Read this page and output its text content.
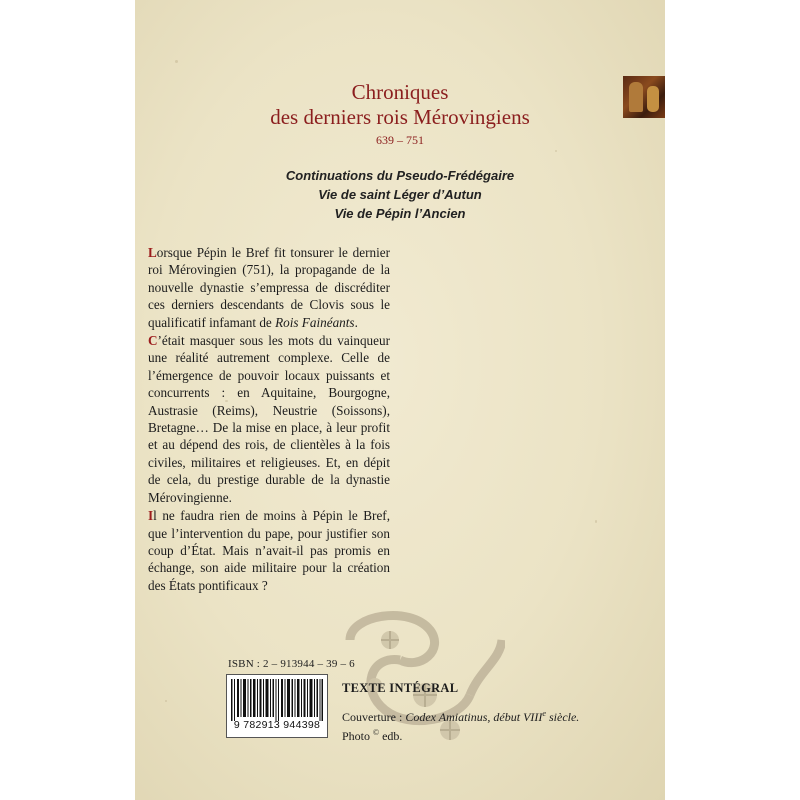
Chroniques
des derniers rois Mérovingiens
639 – 751
Continuations du Pseudo-Frédégaire
Vie de saint Léger d’Autun
Vie de Pépin l’Ancien

Lorsque Pépin le Bref fit tonsurer le dernier roi Mérovingien (751), la propagande de la nouvelle dynastie s’empressa de discréditer ces derniers descendants de Clovis sous le qualificatif infamant de Rois Fainéants.

C’était masquer sous les mots du vainqueur une réalité autrement complexe. Celle de l’émergence de pouvoir locaux puissants et concurrents : en Aquitaine, Bourgogne, Austrasie (Reims), Neustrie (Soissons), Bretagne… De la mise en place, à leur profit et au dépend des rois, de clientèles à la fois civiles, militaires et religieuses. Et, en dépit de cela, du prestige durable de la dynastie Mérovingienne.

Il ne faudra rien de moins à Pépin le Bref, que l’intervention du pape, pour justifier son coup d’État. Mais n’avait-il pas promis en échange, son aide militaire pour la création des États pontificaux ?

ISBN : 2 – 913944 – 39 – 6
9 782913 944398
TEXTE INTÉGRAL
Couverture : Codex Amiatinus, début VIIIe siècle.
Photo © edb.
